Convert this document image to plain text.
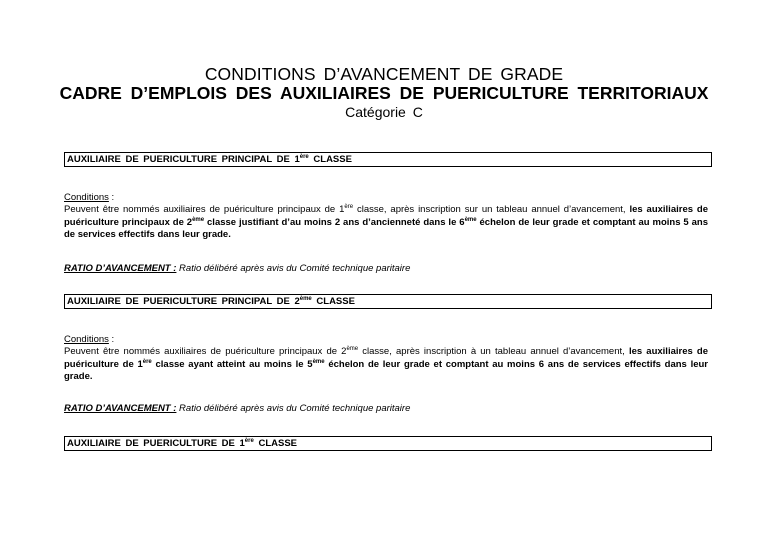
CONDITIONS D’AVANCEMENT DE GRADE
CADRE D’EMPLOIS DES AUXILIAIRES DE PUERICULTURE TERRITORIAUX
Catégorie C
AUXILIAIRE DE PUERICULTURE PRINCIPAL DE 1ère CLASSE
Conditions :
Peuvent être nommés auxiliaires de puériculture principaux de 1ère classe, après inscription sur un tableau annuel d’avancement, les auxiliaires de puériculture principaux de 2ème classe justifiant d’au moins 2 ans d’ancienneté dans le 6ème échelon de leur grade et comptant au moins 5 ans de services effectifs dans leur grade.
RATIO D’AVANCEMENT : Ratio délibéré après avis du Comité technique paritaire
AUXILIAIRE DE PUERICULTURE PRINCIPAL DE 2ème CLASSE
Conditions :
Peuvent être nommés auxiliaires de puériculture principaux de 2ème classe, après inscription à un tableau annuel d’avancement, les auxiliaires de puériculture de 1ère classe ayant atteint au moins le 5ème échelon de leur grade et comptant au moins 6 ans de services effectifs dans leur grade.
RATIO D’AVANCEMENT : Ratio délibéré après avis du Comité technique paritaire
AUXILIAIRE DE PUERICULTURE DE 1ère CLASSE
